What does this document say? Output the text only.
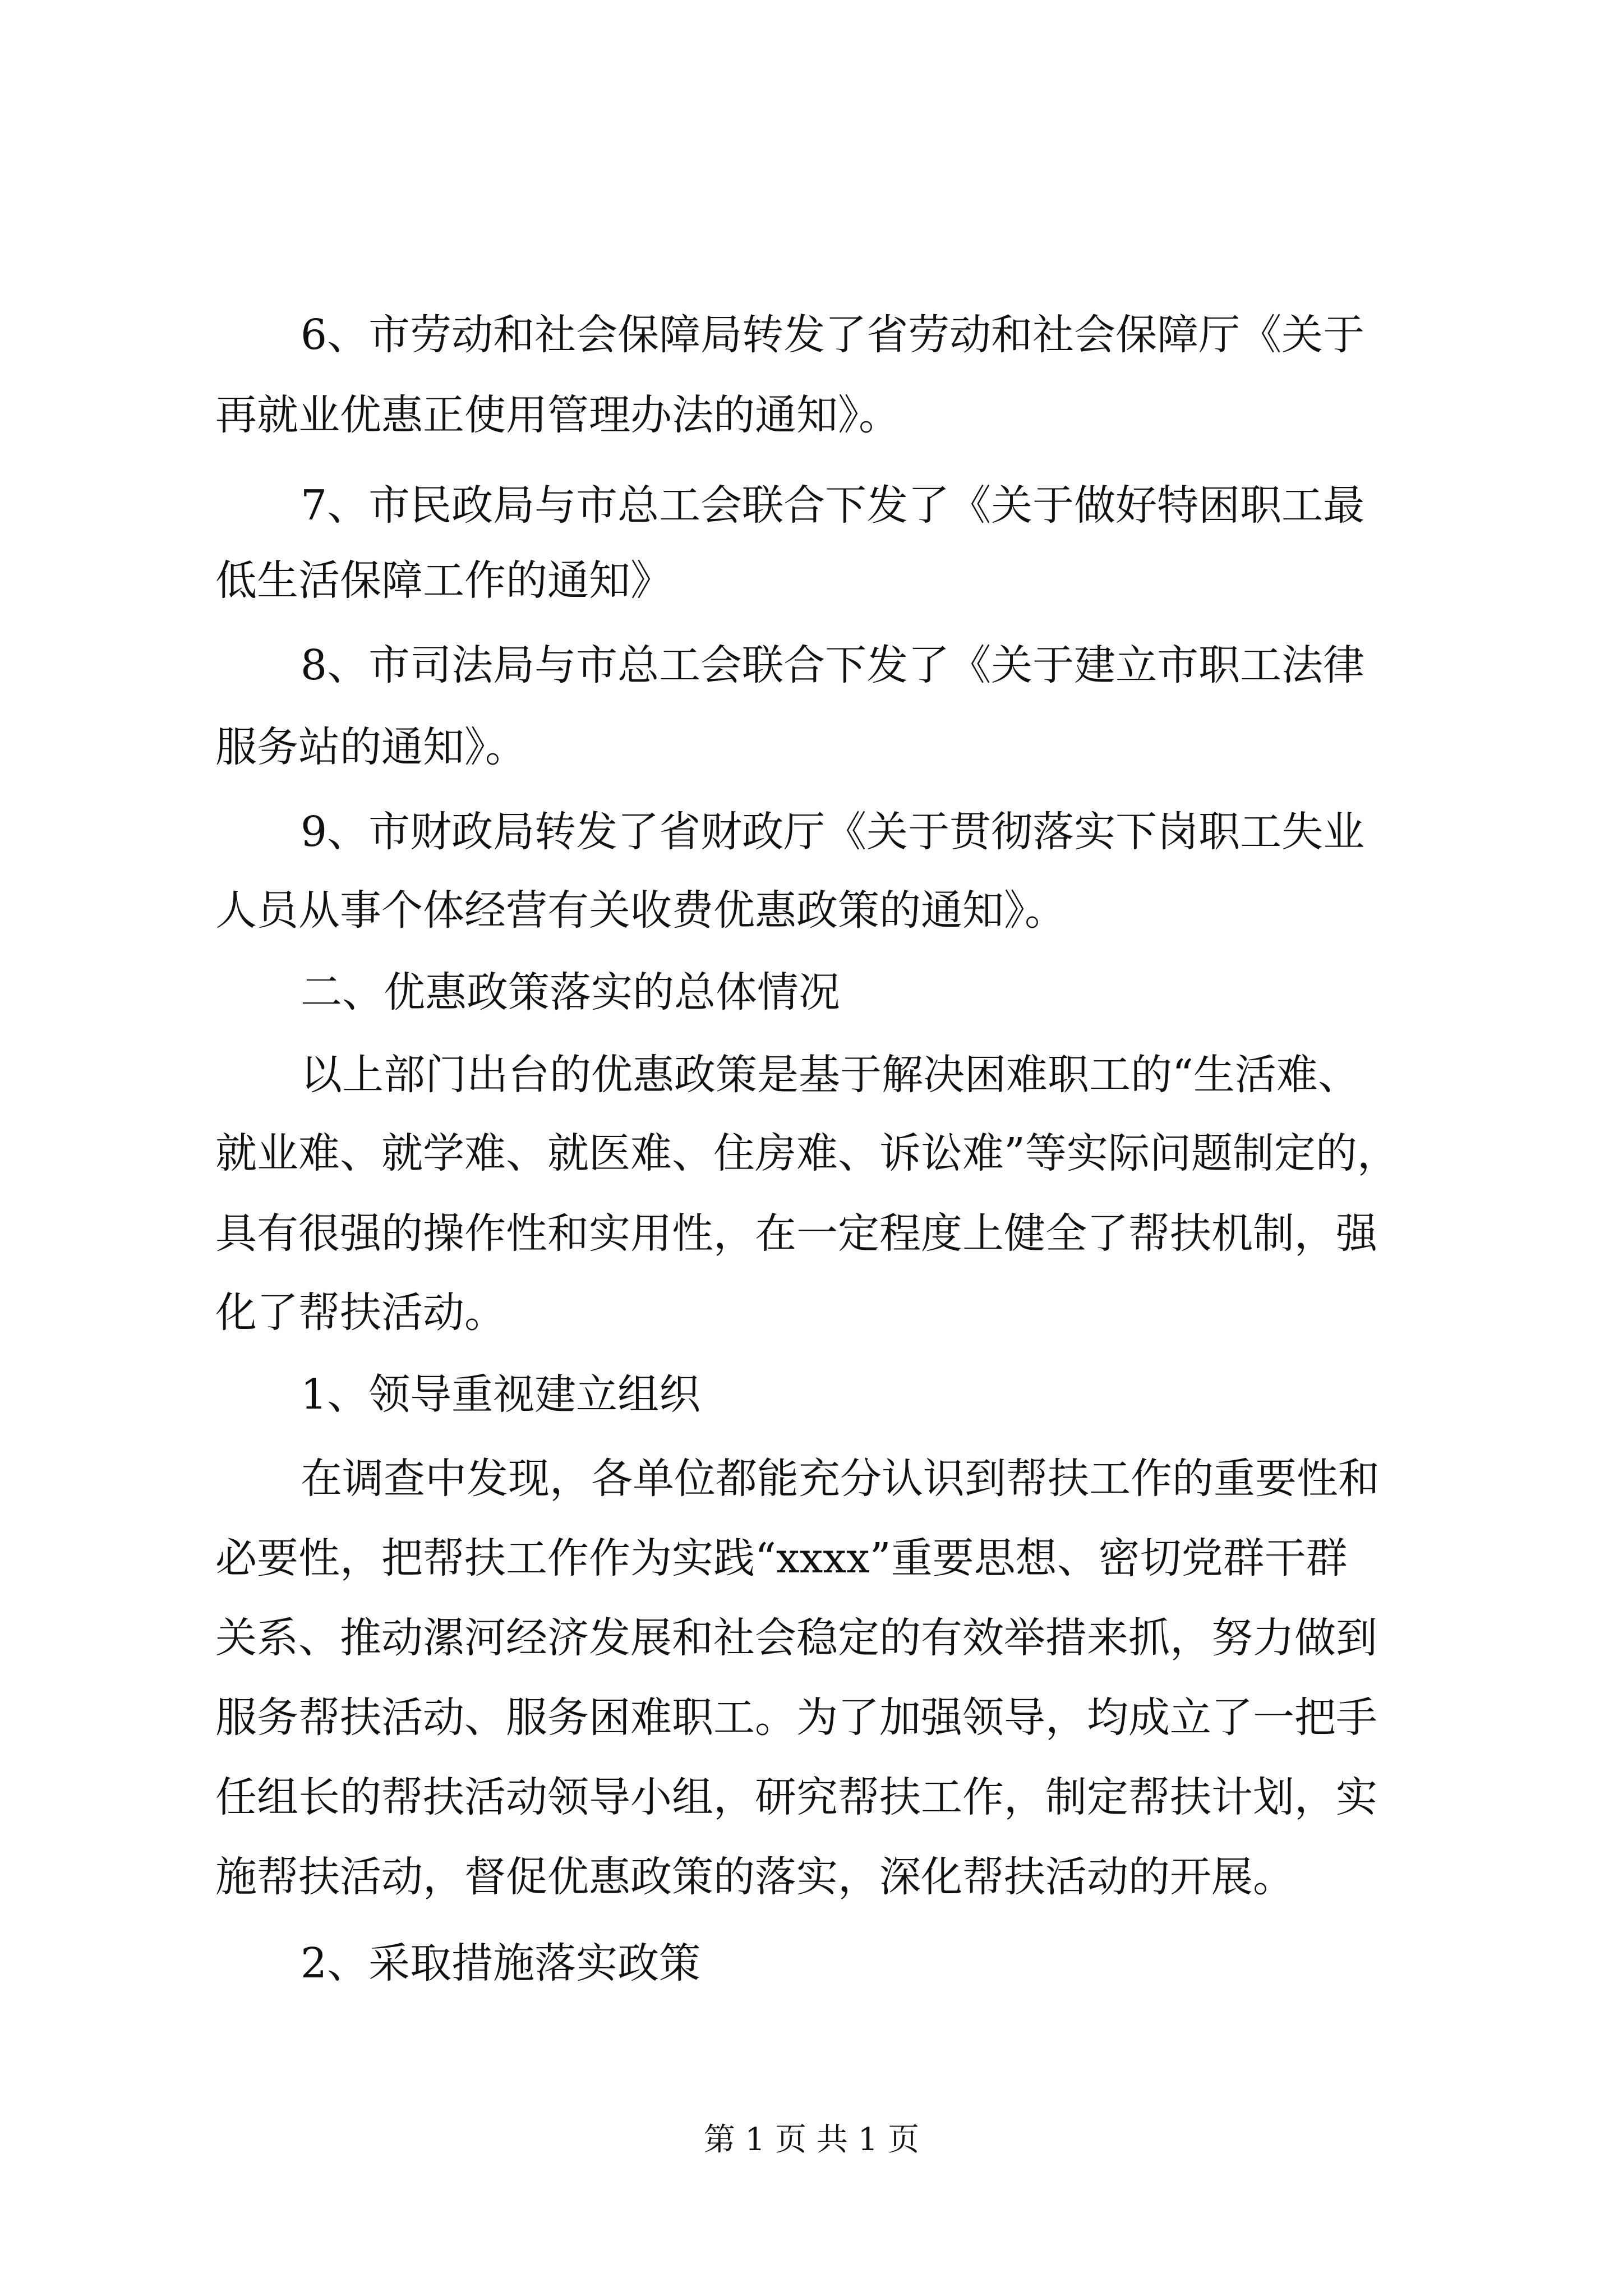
6、市劳动和社会保障局转发了省劳动和社会保障厅《关于
再就业优惠正使用管理办法的通知》。
7、市民政局与市总工会联合下发了《关于做好特困职工最
低生活保障工作的通知》
8、市司法局与市总工会联合下发了《关于建立市职工法律
服务站的通知》。
9、市财政局转发了省财政厅《关于贯彻落实下岗职工失业
人员从事个体经营有关收费优惠政策的通知》。
二、优惠政策落实的总体情况
以上部门出台的优惠政策是基于解决困难职工的“生活难、
就业难、就学难、就医难、住房难、诉讼难”等实际问题制定的，
具有很强的操作性和实用性，在一定程度上健全了帮扶机制，强
化了帮扶活动。
1、领导重视建立组织
在调查中发现，各单位都能充分认识到帮扶工作的重要性和
必要性，把帮扶工作作为实践“xxxx”重要思想、密切党群干群
关系、推动漯河经济发展和社会稳定的有效举措来抓，努力做到
服务帮扶活动、服务困难职工。为了加强领导，均成立了一把手
任组长的帮扶活动领导小组，研究帮扶工作，制定帮扶计划，实
施帮扶活动，督促优惠政策的落实，深化帮扶活动的开展。
2、采取措施落实政策
第 1 页 共 1 页
